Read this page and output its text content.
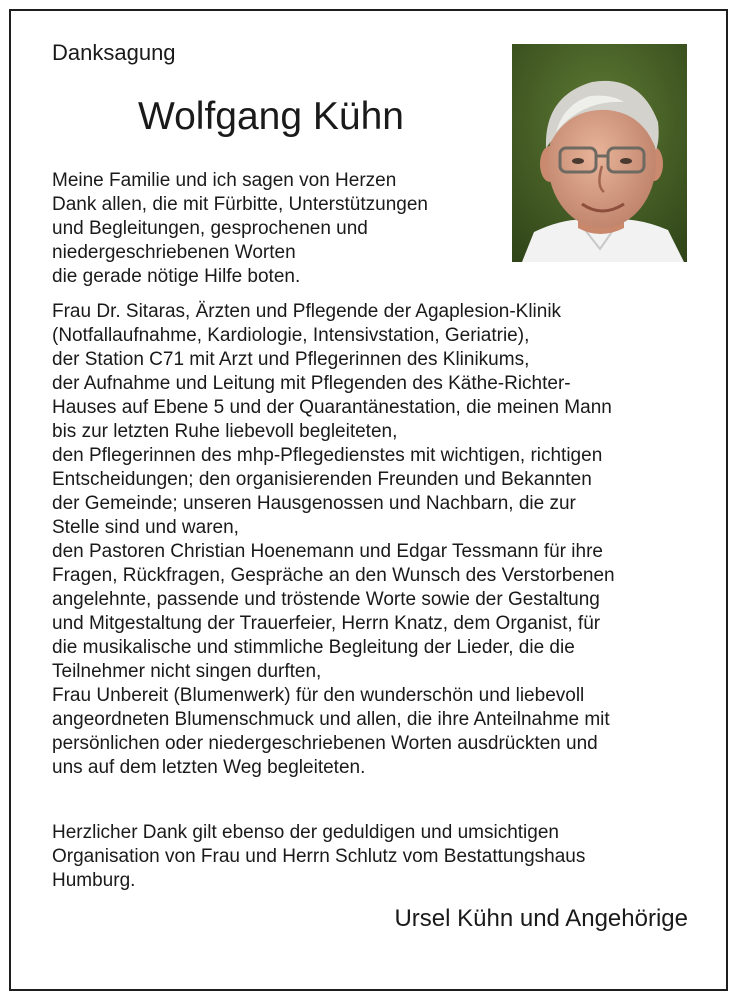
Danksagung
Wolfgang Kühn
Meine Familie und ich sagen von Herzen
Dank allen, die mit Fürbitte, Unterstützungen
und Begleitungen, gesprochenen und
niedergeschriebenen Worten
die gerade nötige Hilfe boten.
Frau Dr. Sitaras, Ärzten und Pflegende der Agaplesion-Klinik
(Notfallaufnahme, Kardiologie, Intensivstation, Geriatrie),
der Station C71 mit Arzt und Pflegerinnen des Klinikums,
der Aufnahme und Leitung mit Pflegenden des Käthe-Richter-
Hauses auf Ebene 5 und der Quarantänestation, die meinen Mann
bis zur letzten Ruhe liebevoll begleiteten,
den Pflegerinnen des mhp-Pflegedienstes mit wichtigen, richtigen
Entscheidungen; den organisierenden Freunden und Bekannten
der Gemeinde; unseren Hausgenossen und Nachbarn, die zur
Stelle sind und waren,
den Pastoren Christian Hoenemann und Edgar Tessmann für ihre
Fragen, Rückfragen, Gespräche an den Wunsch des Verstorbenen
angelehnte, passende und tröstende Worte sowie der Gestaltung
und Mitgestaltung der Trauerfeier, Herrn Knatz, dem Organist, für
die musikalische und stimmliche Begleitung der Lieder, die die
Teilnehmer nicht singen durften,
Frau Unbereit (Blumenwerk) für den wunderschön und liebevoll
angeordneten Blumenschmuck und allen, die ihre Anteilnahme mit
persönlichen oder niedergeschriebenen Worten ausdrückten und
uns auf dem letzten Weg begleiteten.
Herzlicher Dank gilt ebenso der geduldigen und umsichtigen
Organisation von Frau und Herrn Schlutz vom Bestattungshaus
Humburg.
Ursel Kühn und Angehörige
